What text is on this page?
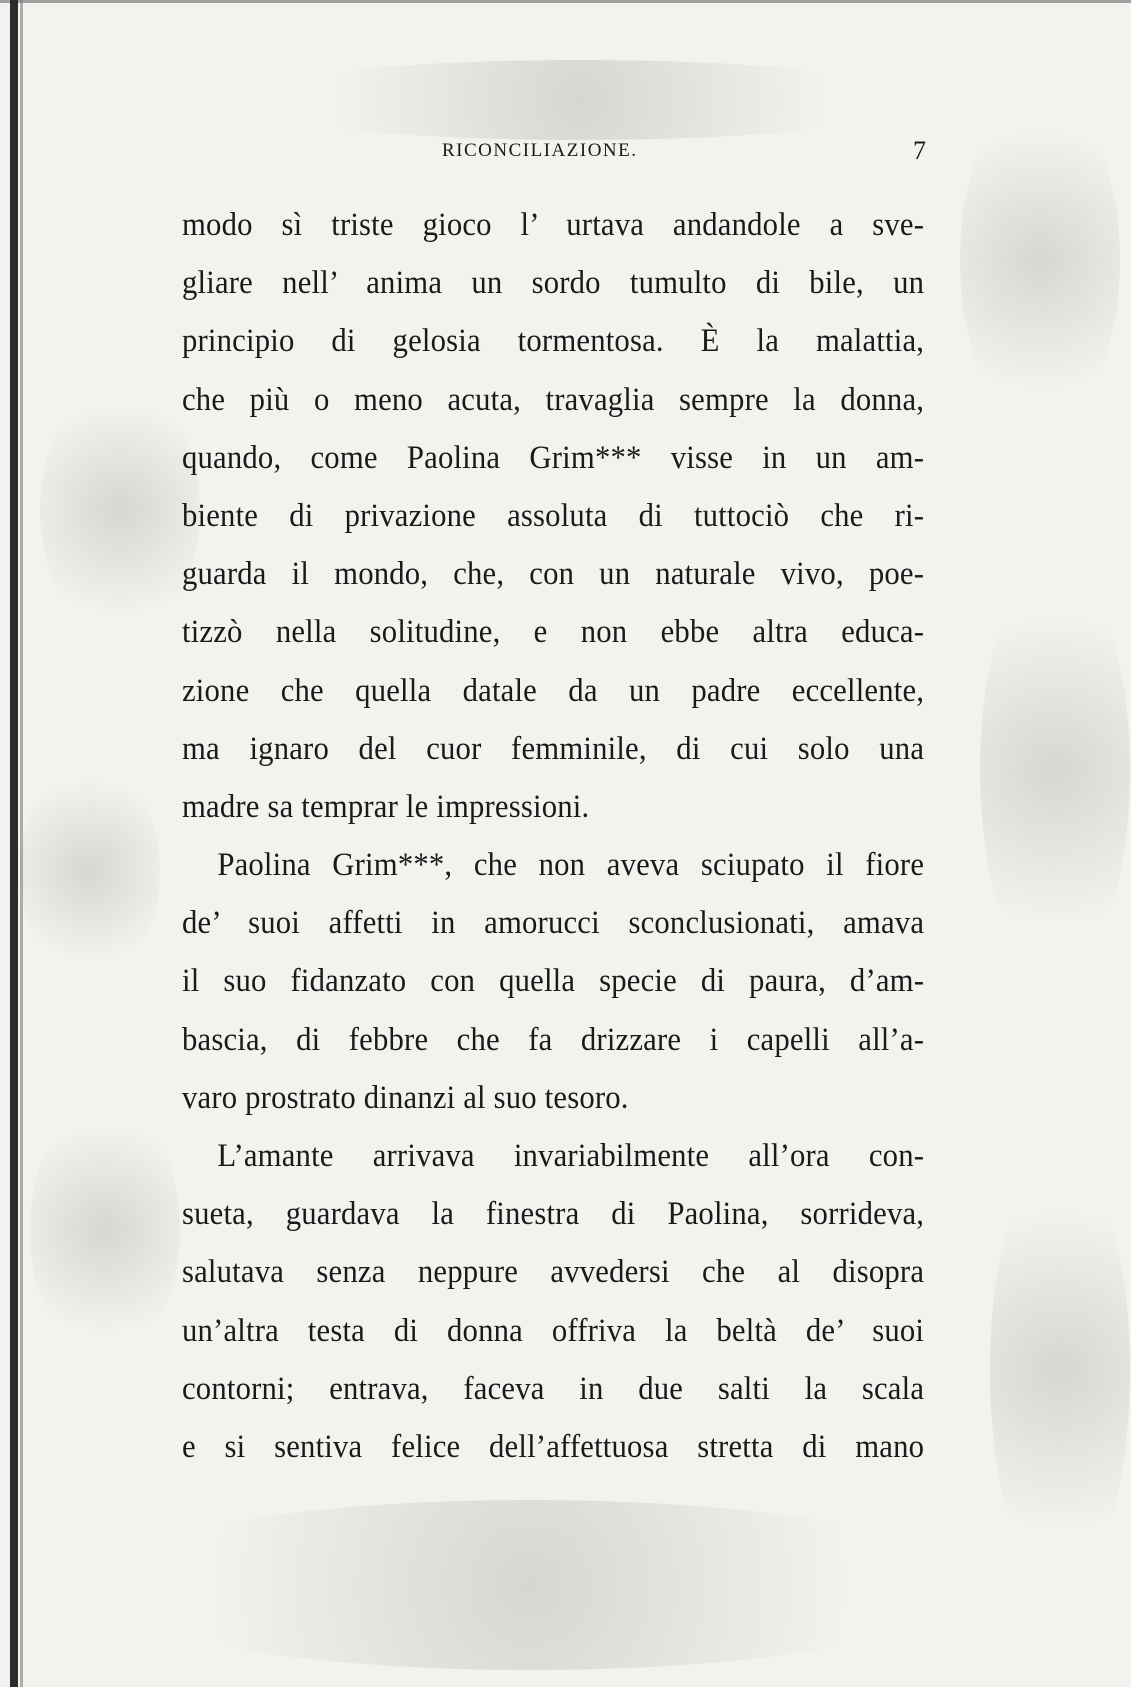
RICONCILIAZIONE.	7
modo sì triste gioco l’ urtava andandole a sve-
gliare nell’ anima un sordo tumulto di bile, un
principio di gelosia tormentosa. È la malattia,
che più o meno acuta, travaglia sempre la donna,
quando, come Paolina Grim*** visse in un am-
biente di privazione assoluta di tuttociò che ri-
guarda il mondo, che, con un naturale vivo, poe-
tizzò nella solitudine, e non ebbe altra educa-
zione che quella datale da un padre eccellente,
ma ignaro del cuor femminile, di cui solo una
madre sa temprar le impressioni.
Paolina Grim***, che non aveva sciupato il fiore
de’ suoi affetti in amorucci sconclusionati, amava
il suo fidanzato con quella specie di paura, d’am-
bascia, di febbre che fa drizzare i capelli all’a-
varo prostrato dinanzi al suo tesoro.
L’amante arrivava invariabilmente all’ora con-
sueta, guardava la finestra di Paolina, sorrideva,
salutava senza neppure avvedersi che al disopra
un’altra testa di donna offriva la beltà de’ suoi
contorni; entrava, faceva in due salti la scala
e si sentiva felice dell’affettuosa stretta di mano
